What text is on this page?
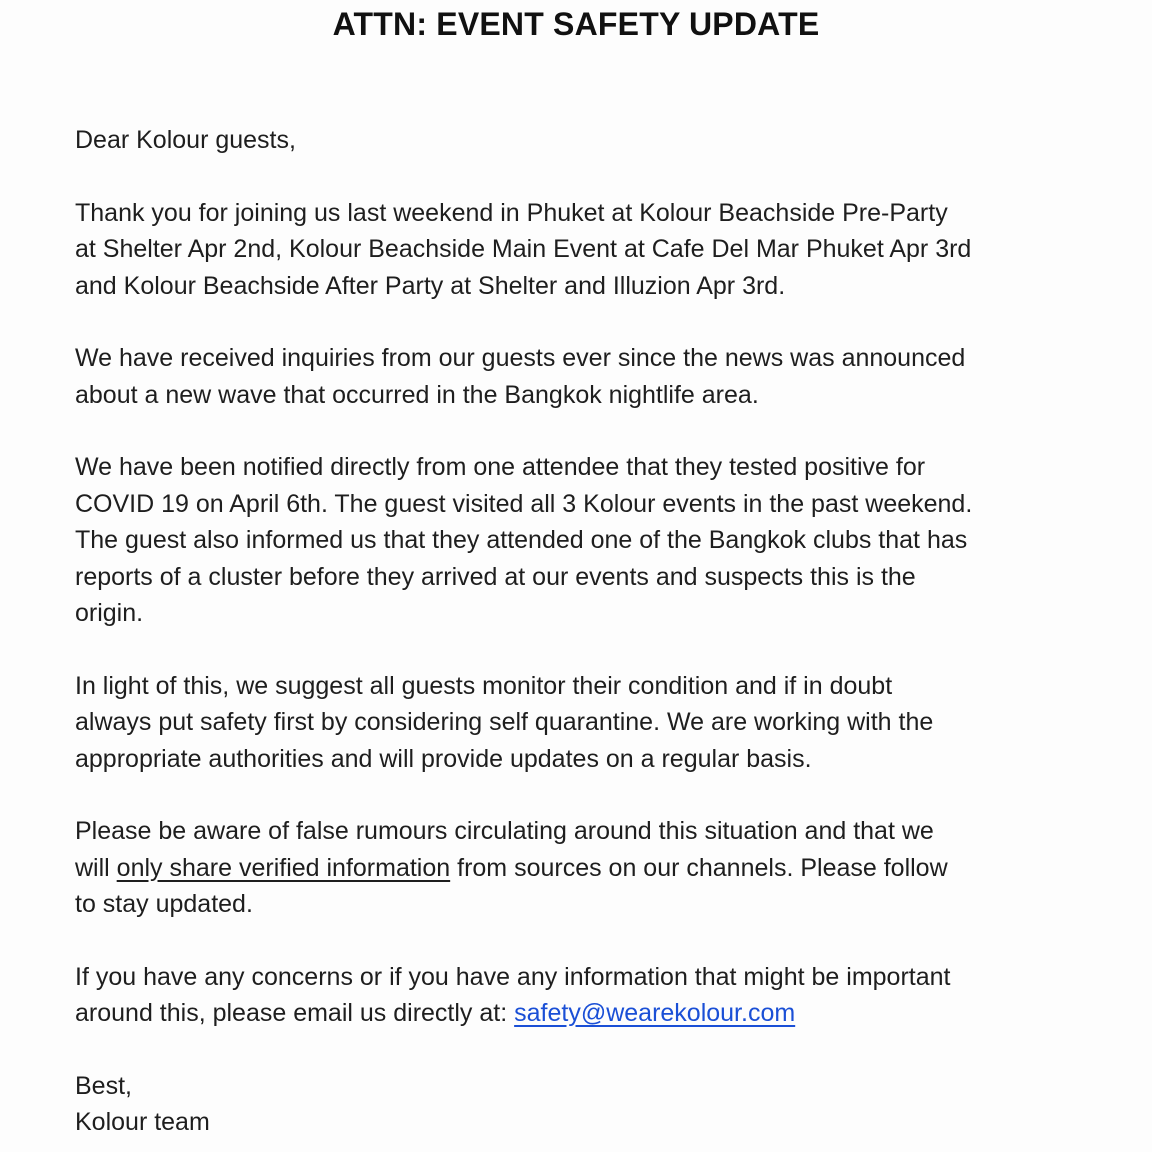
ATTN: EVENT SAFETY UPDATE

Dear Kolour guests,

Thank you for joining us last weekend in Phuket at Kolour Beachside Pre-Party
at Shelter Apr 2nd, Kolour Beachside Main Event at Cafe Del Mar Phuket Apr 3rd
and Kolour Beachside After Party at Shelter and Illuzion Apr 3rd.

We have received inquiries from our guests ever since the news was announced
about a new wave that occurred in the Bangkok nightlife area.

We have been notified directly from one attendee that they tested positive for
COVID 19 on April 6th. The guest visited all 3 Kolour events in the past weekend.
The guest also informed us that they attended one of the Bangkok clubs that has
reports of a cluster before they arrived at our events and suspects this is the
origin.

In light of this, we suggest all guests monitor their condition and if in doubt
always put safety first by considering self quarantine. We are working with the
appropriate authorities and will provide updates on a regular basis.

Please be aware of false rumours circulating around this situation and that we
will only share verified information from sources on our channels. Please follow
to stay updated.

If you have any concerns or if you have any information that might be important
around this, please email us directly at: safety@wearekolour.com

Best,
Kolour team
